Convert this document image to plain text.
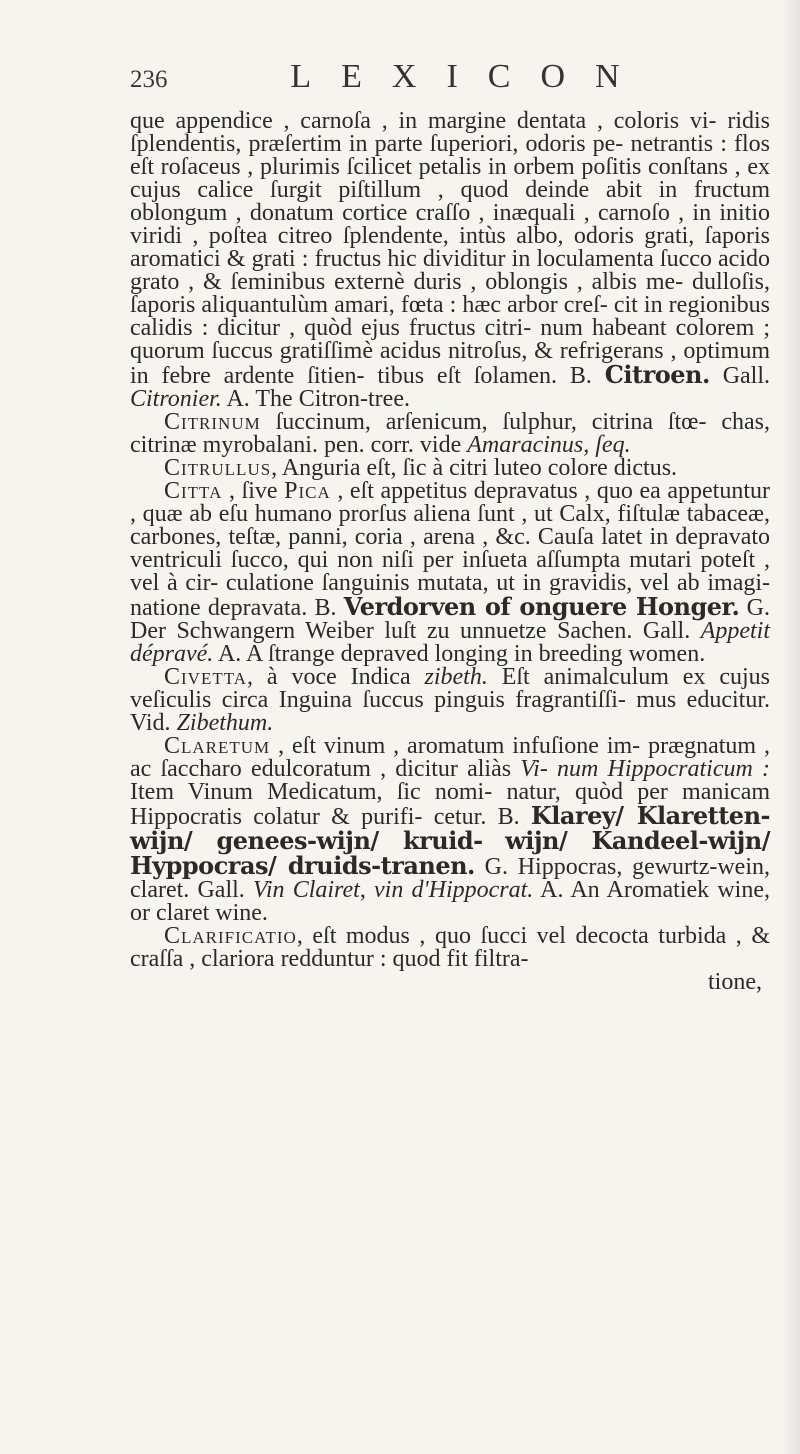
236	LEXICON

que appendice , carnoſa , in margine dentata , coloris vi- ridis ſplendentis, præſertim in parte ſuperiori, odoris pe- netrantis : flos eſt roſaceus , plurimis ſcilicet petalis in orbem poſitis conſtans , ex cujus calice ſurgit piſtillum , quod deinde abit in fructum oblongum , donatum cortice craſſo , inæquali , carnoſo , in initio viridi , poſtea citreo ſplendente, intùs albo, odoris grati, ſaporis aromatici & grati : fructus hic dividitur in loculamenta ſucco acido grato , & ſeminibus externè duris , oblongis , albis me- dulloſis, ſaporis aliquantulùm amari, fœta : hæc arbor creſ- cit in regionibus calidis : dicitur , quòd ejus fructus citri- num habeant colorem ; quorum ſuccus gratiſſimè acidus nitroſus, & refrigerans , optimum in febre ardente ſitien- tibus eſt ſolamen. B. Citroen. Gall. Citronier. A. The Citron-tree.

Citrinum ſuccinum, arſenicum, ſulphur, citrina ſtœ- chas, citrinæ myrobalani. pen. corr. vide Amaracinus, ſeq.

Citrullus, Anguria eſt, ſic à citri luteo colore dictus.

Citta , ſive Pica , eſt appetitus depravatus , quo ea appetuntur , quæ ab eſu humano prorſus aliena ſunt , ut Calx, fiſtulæ tabaceæ, carbones, teſtæ, panni, coria , arena , &c. Cauſa latet in depravato ventriculi ſucco, qui non niſi per inſueta aſſumpta mutari poteſt , vel à cir- culatione ſanguinis mutata, ut in gravidis, vel ab imagi- natione depravata. B. Verdorven of onguere Honger. G. Der Schwangern Weiber luſt zu unnuetze Sachen. Gall. Appetit dépravé. A. A ſtrange depraved longing in breeding women.

Civetta, à voce Indica zibeth. Eſt animalculum ex cujus veſiculis circa Inguina ſuccus pinguis fragrantiſſi- mus educitur. Vid. Zibethum.

Claretum , eſt vinum , aromatum infuſione im- prægnatum , ac ſaccharo edulcoratum , dicitur aliàs Vi- num Hippocraticum : Item Vinum Medicatum, ſic nomi- natur, quòd per manicam Hippocratis colatur & purifi- cetur. B. Klarey/ Klaretten-wijn/ genees-wijn/ kruid- wijn/ Kandeel-wijn/ Hyppocras/ druids-tranen. G. Hippocras, gewurtz-wein, claret. Gall. Vin Clairet, vin d'Hippocrat. A. An Aromatiek wine, or claret wine.

Clarificatio, eſt modus , quo ſucci vel decocta turbida , & craſſa , clariora redduntur : quod fit filtra-

tione,
